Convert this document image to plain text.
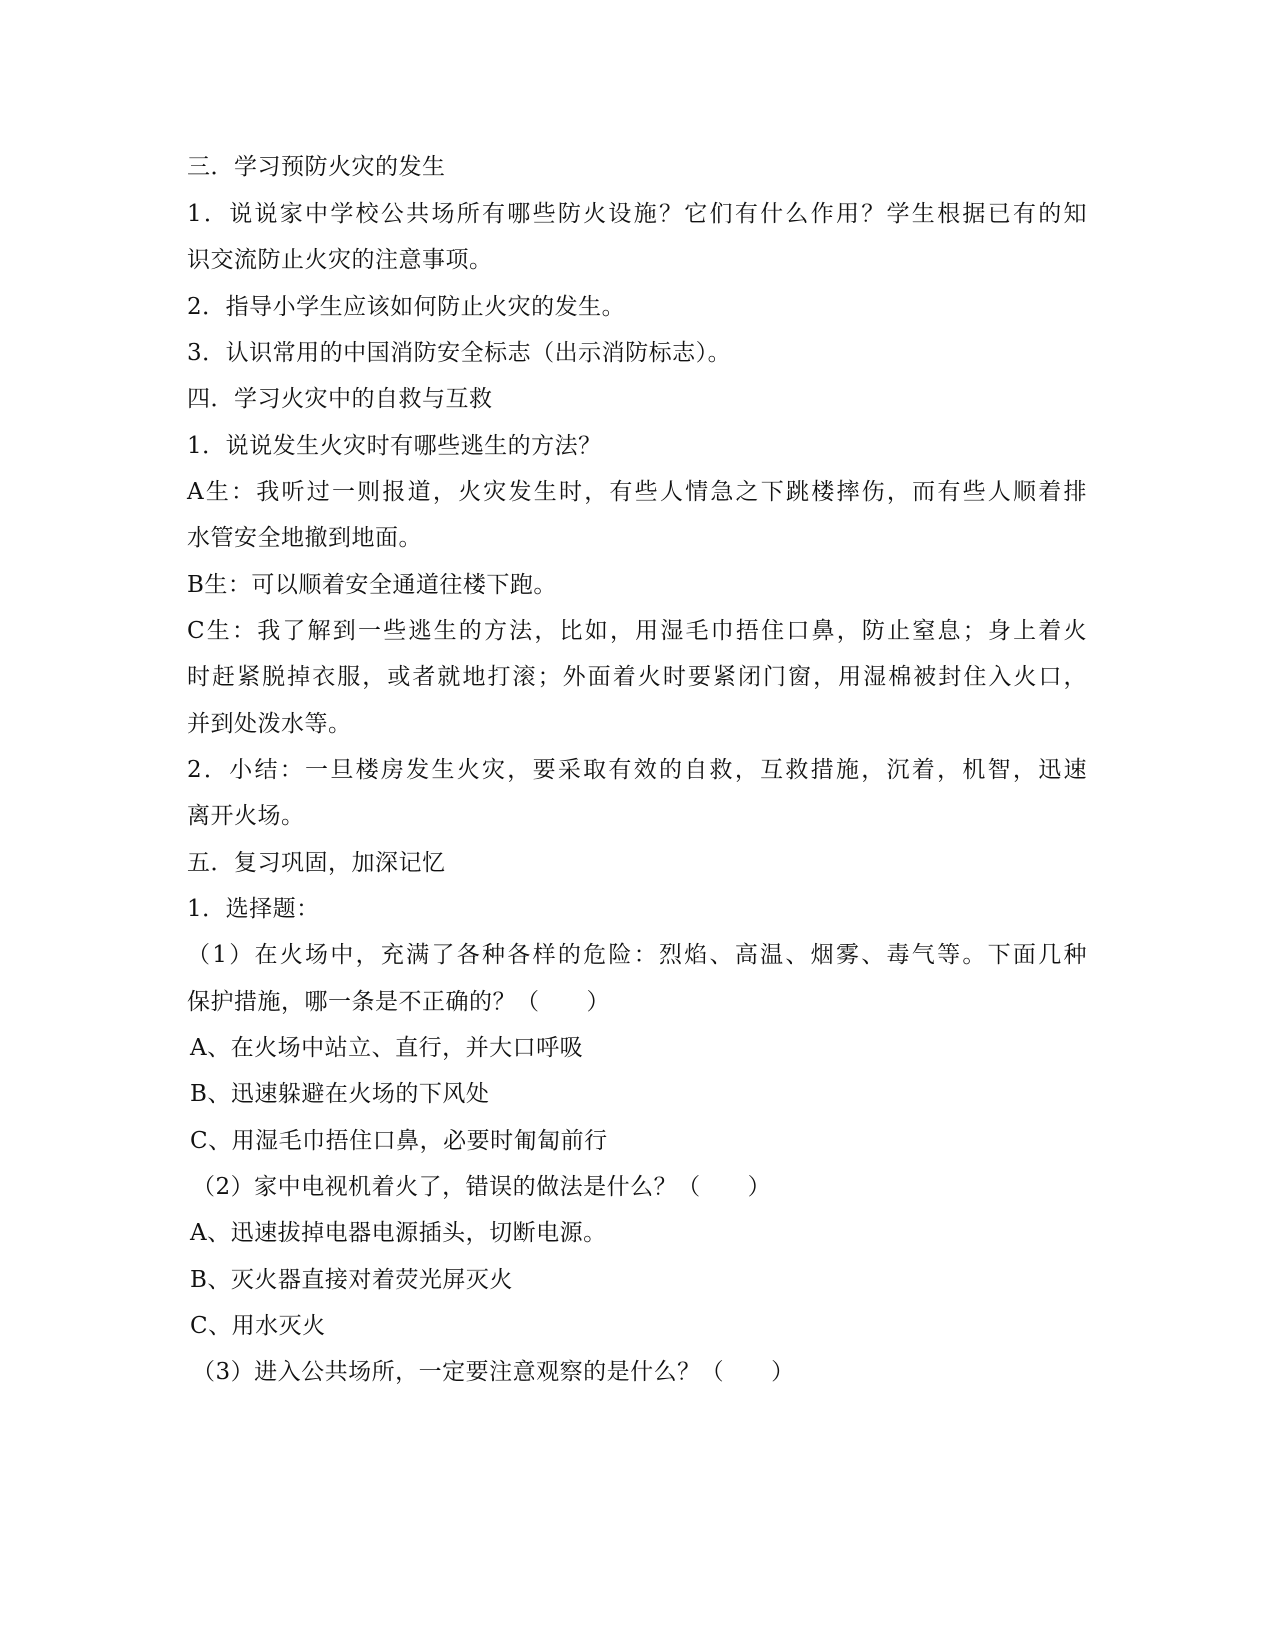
三．学习预防火灾的发生
1．说说家中学校公共场所有哪些防火设施？它们有什么作用？学生根据已有的知
识交流防止火灾的注意事项。
2．指导小学生应该如何防止火灾的发生。
3．认识常用的中国消防安全标志（出示消防标志）。
四．学习火灾中的自救与互救
1．说说发生火灾时有哪些逃生的方法？
A生：我听过一则报道，火灾发生时，有些人情急之下跳楼摔伤，而有些人顺着排
水管安全地撤到地面。
B生：可以顺着安全通道往楼下跑。
C生：我了解到一些逃生的方法，比如，用湿毛巾捂住口鼻，防止窒息；身上着火
时赶紧脱掉衣服，或者就地打滚；外面着火时要紧闭门窗，用湿棉被封住入火口，
并到处泼水等。
2．小结：一旦楼房发生火灾，要采取有效的自救，互救措施，沉着，机智，迅速
离开火场。
五．复习巩固，加深记忆
1．选择题：
（1）在火场中，充满了各种各样的危险：烈焰、高温、烟雾、毒气等。下面几种
保护措施，哪一条是不正确的？（　　）
A、在火场中站立、直行，并大口呼吸
B、迅速躲避在火场的下风处
C、用湿毛巾捂住口鼻，必要时匍匐前行
（2）家中电视机着火了，错误的做法是什么？（　　）
A、迅速拔掉电器电源插头，切断电源。
B、灭火器直接对着荧光屏灭火
C、用水灭火
（3）进入公共场所，一定要注意观察的是什么？（　　）
